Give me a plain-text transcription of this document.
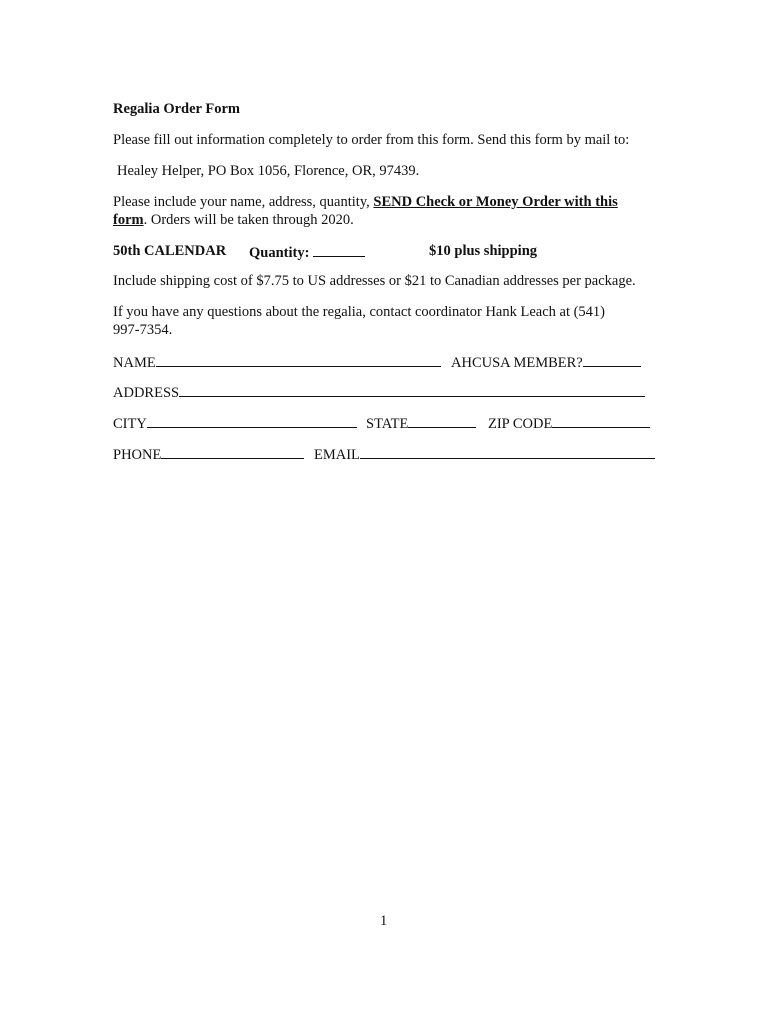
Regalia Order Form
Please fill out information completely to order from this form. Send this form by mail to:
Healey Helper, PO Box 1056, Florence, OR, 97439.
Please include your name, address, quantity, SEND Check or Money Order with this
form. Orders will be taken through 2020.
50th CALENDAR Quantity:	$10 plus shipping
Include shipping cost of $7.75 to US addresses or $21 to Canadian addresses per package.
If you have any questions about the regalia, contact coordinator Hank Leach at (541)
997-7354.
NAME	AHCUSA MEMBER?
ADDRESS
CITY	STATE	ZIP CODE
PHONE	EMAIL
1
